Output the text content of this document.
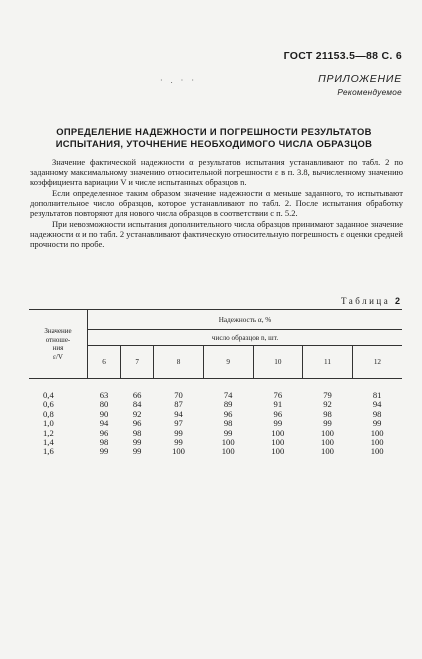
ГОСТ 21153.5—88 С. 6
· . · ·	ПРИЛОЖЕНИЕ
Рекомендуемое
ОПРЕДЕЛЕНИЕ НАДЕЖНОСТИ И ПОГРЕШНОСТИ РЕЗУЛЬТАТОВ
ИСПЫТАНИЯ, УТОЧНЕНИЕ НЕОБХОДИМОГО ЧИСЛА ОБРАЗЦОВ

Значение фактической надежности α результатов испытания устанавливают по табл. 2 по заданному максимальному значению относительной погрешности ε в п. 3.8, вычисленному значению коэффициента вариации V и числе испытанных образцов n.

Если определенное таким образом значение надежности α меньше заданного, то испытывают дополнительное число образцов, которое устанавливают по табл. 2. После испытания обработку результатов повторяют для нового числа образцов в соответствии с п. 5.2.

При невозможности испытания дополнительного числа образцов принимают заданное значение надежности α и по табл. 2 устанавливают фактическую относительную погрешность ε оценки средней прочности по пробе.

Таблица 2
Значение
отноше-
ния
ε/V	Надежность α, %						
	число образцов n, шт.						
	6	7	8	9	10	11	12
0,4	63	66	70	74	76	79	81
0,6	80	84	87	89	91	92	94
0,8	90	92	94	96	96	98	98
1,0	94	96	97	98	99	99	99
1,2	96	98	99	99	100	100	100
1,4	98	99	99	100	100	100	100
1,6	99	99	100	100	100	100	100
